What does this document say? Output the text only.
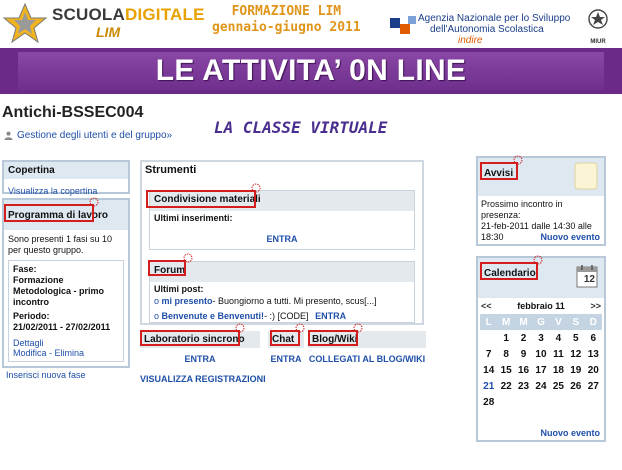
SCUOLADIGITALE
LIM
FORMAZIONE LIM
gennaio-giugno 2011
Agenzia Nazionale per lo Sviluppo
dell'Autonomia Scolastica
indire	MIUR
LE ATTIVITA’ 0N LINE
Antichi-BSSEC004
Gestione degli utenti e del gruppo»	LA CLASSE VIRTUALE
Copertina
Visualizza la copertina
Programma di lavoro
Sono presenti 1 fasi su 10 per questo gruppo.
Fase:
Formazione Metodologica - primo incontro
Periodo:
21/02/2011 - 27/02/2011
Dettagli
Modifica - Elimina
Inserisci nuova fase
Strumenti
Condivisione materiali
Ultimi inserimenti:
ENTRA
Forum
Ultimi post:
o mi presento- Buongiorno a tutti. Mi presento, scus[...]
o Benvenute e Benvenuti!- :) [CODE] ENTRA
Laboratorio sincrono
ENTRA
VISUALIZZA REGISTRAZIONI
Chat
ENTRA
Blog/Wiki
COLLEGATI AL BLOG/WIKI
Avvisi
Prossimo incontro in presenza:
21-feb-2011 dalle 14:30 alle 18:30	Nuovo evento
Calendario
12
<<	febbraio 11	>>
L	M	M	G	V	S	D
	1	2	3	4	5	6
7	8	9	10	11	12	13
14	15	16	17	18	19	20
21	22	23	24	25	26	27
28						
Nuovo evento
